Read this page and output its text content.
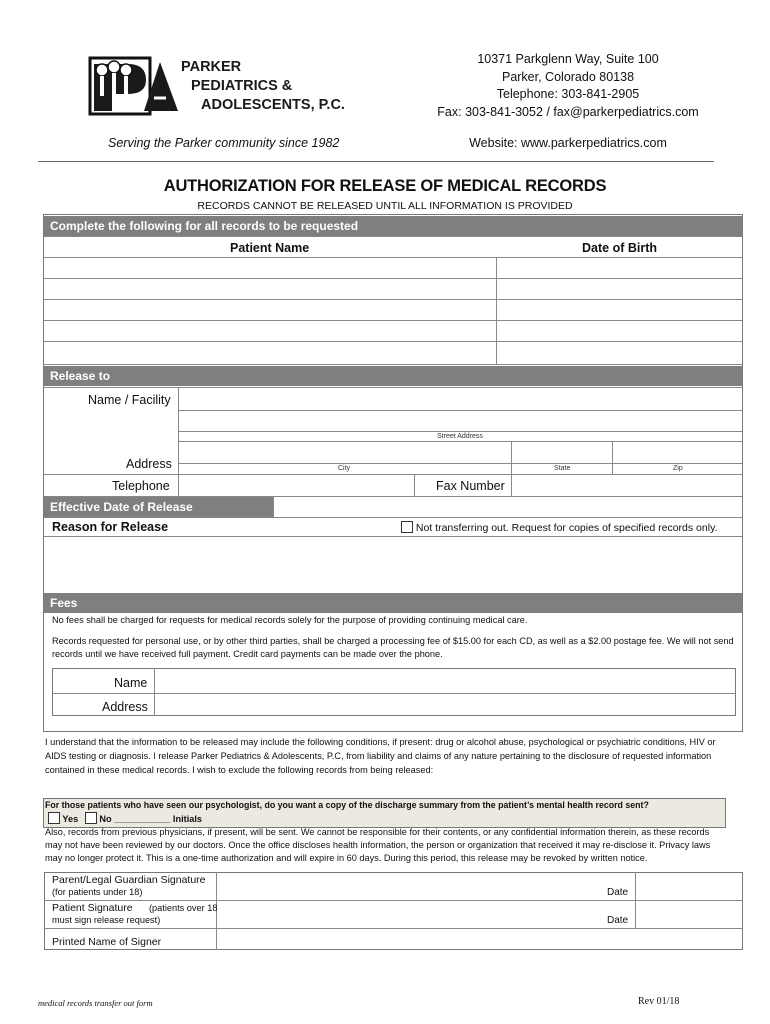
PARKER
PEDIATRICS &
ADOLESCENTS, P.C.
10371 Parkglenn Way, Suite 100
Parker, Colorado 80138
Telephone: 303-841-2905
Fax: 303-841-3052 / fax@parkerpediatrics.com
Serving the Parker community since 1982	Website: www.parkerpediatrics.com
AUTHORIZATION FOR RELEASE OF MEDICAL RECORDS
RECORDS CANNOT BE RELEASED UNTIL ALL INFORMATION IS PROVIDED
Complete the following for all records to be requested
Patient Name	Date of Birth
Release to
Name / Facility
Street Address
Address	City	State	Zip
Telephone	Fax Number
Effective Date of Release
Reason for Release	Not transferring out. Request for copies of specified records only.
Fees
No fees shall be charged for requests for medical records solely for the purpose of providing continuing medical care.
Records requested for personal use, or by other third parties, shall be charged a processing fee of $15.00 for each CD, as well as a $2.00 postage fee. We will not send
records until we have received full payment. Credit card payments can be made over the phone.
Name
Address
I understand that the information to be released may include the following conditions, if present: drug or alcohol abuse, psychological or psychiatric conditions, HIV or
AIDS testing or diagnosis. I release Parker Pediatrics & Adolescents, P.C, from liability and claims of any nature pertaining to the disclosure of requested information
contained in these medical records. I wish to exclude the following records from being released:
For those patients who have seen our psychologist, do you want a copy of the discharge summary from the patient’s mental health record sent?
Yes No ___________ Initials
Also, records from previous physicians, if present, will be sent. We cannot be responsible for their contents, or any confidential information therein, as these records
may not have been reviewed by our doctors. Once the office discloses health information, the person or organization that received it may re-disclose it. Privacy laws
may no longer protect it. This is a one-time authorization and will expire in 60 days. During this period, this release may be revoked by written notice.
Parent/Legal Guardian Signature
(for patients under 18)
Patient Signature (patients over 18
must sign release request)
Date
Date
Printed Name of Signer
medical records transfer out form	Rev 01/18
